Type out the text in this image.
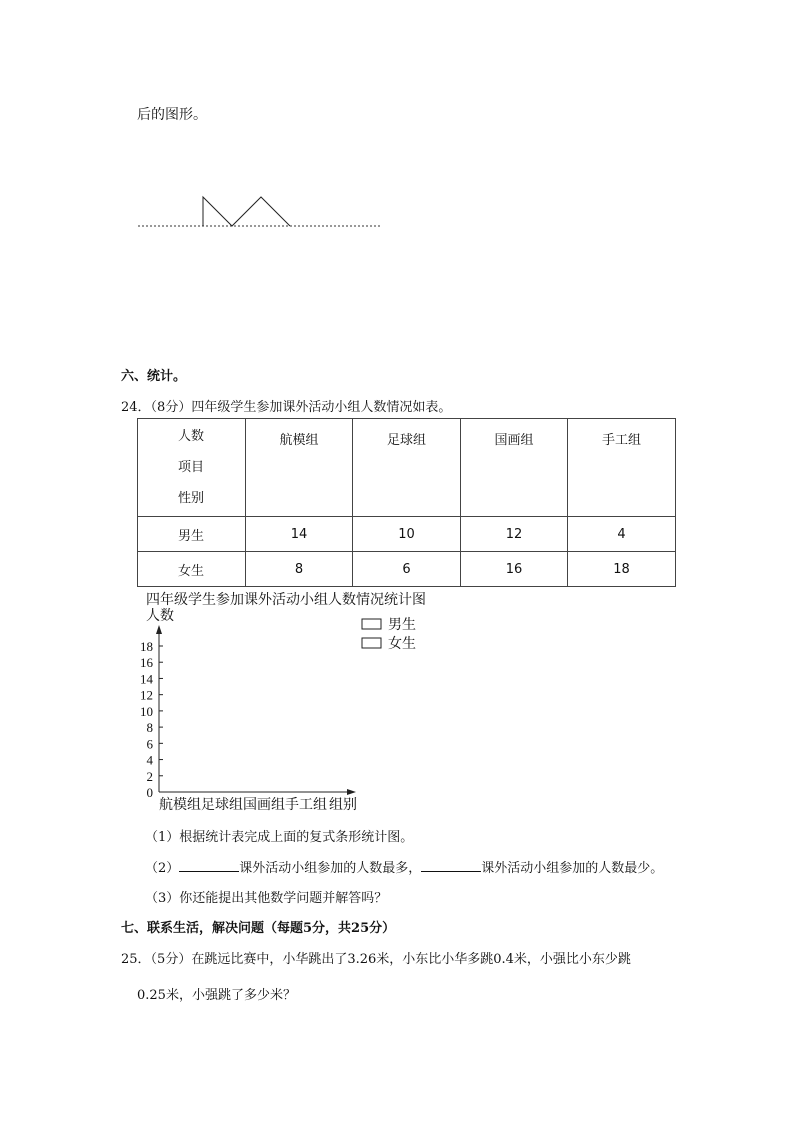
后的图形。
六、统计。
24．（8分）四年级学生参加课外活动小组人数情况如表。
人数
项目
性别	航模组	足球组	国画组	手工组

男生	14	10	12	4
女生	8	6	16	18
四年级学生参加课外活动小组人数情况统计图
人数
男生
女生
0
2
4
6
8
10
12
14
16
18
航模组 足球组 国画组 手工组 组别
（1）根据统计表完成上面的复式条形统计图。
（2）	课外活动小组参加的人数最多，	课外活动小组参加的人数最少。
（3）你还能提出其他数学问题并解答吗？
七、联系生活，解决问题（每题5分，共25分）
25．（5分）在跳远比赛中，小华跳出了3.26米，小东比小华多跳0.4米，小强比小东少跳
0.25米，小强跳了多少米？
